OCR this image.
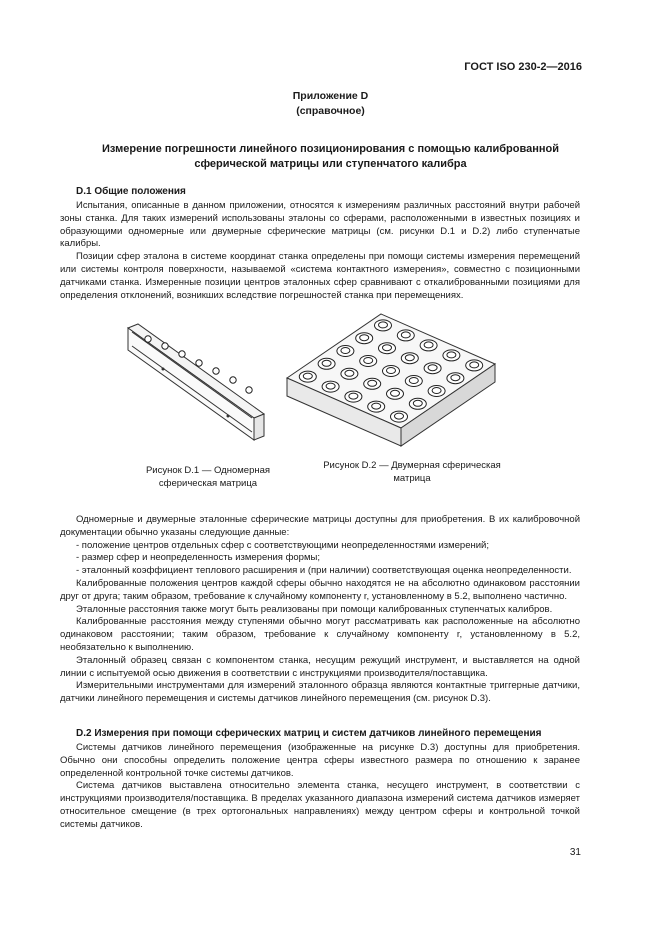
ГОСТ ISO 230-2—2016
Приложение D
(справочное)
Измерение погрешности линейного позиционирования с помощью калиброванной
сферической матрицы или ступенчатого калибра
D.1 Общие положения

Испытания, описанные в данном приложении, относятся к измерениям различных расстояний внутри рабочей зоны станка. Для таких измерений использованы эталоны со сферами, расположенными в известных позициях и образующими одномерные или двумерные сферические матрицы (см. рисунки D.1 и D.2) либо ступенчатые калибры.

Позиции сфер эталона в системе координат станка определены при помощи системы измерения перемещений или системы контроля поверхности, называемой «система контактного измерения», совместно с позиционными датчиками станка. Измеренные позиции центров эталонных сфер сравнивают с откалиброванными позициями для определения отклонений, возникших вследствие погрешностей станка при перемещениях.

Рисунок D.1 — Одномерная
сферическая матрица
Рисунок D.2 — Двумерная сферическая
матрица

Одномерные и двумерные эталонные сферические матрицы доступны для приобретения. В их калибровочной документации обычно указаны следующие данные:

- положение центров отдельных сфер с соответствующими неопределенностями измерений;

- размер сфер и неопределенность измерения формы;

- эталонный коэффициент теплового расширения и (при наличии) соответствующая оценка неопределенности.

Калиброванные положения центров каждой сферы обычно находятся не на абсолютно одинаковом расстоянии друг от друга; таким образом, требование к случайному компоненту r, установленному в 5.2, выполнено частично.

Эталонные расстояния также могут быть реализованы при помощи калиброванных ступенчатых калибров.

Калиброванные расстояния между ступенями обычно могут рассматривать как расположенные на абсолютно одинаковом расстоянии; таким образом, требование к случайному компоненту r, установленному в 5.2, необязательно к выполнению.

Эталонный образец связан с компонентом станка, несущим режущий инструмент, и выставляется на одной линии с испытуемой осью движения в соответствии с инструкциями производителя/поставщика.

Измерительными инструментами для измерений эталонного образца являются контактные триггерные датчики, датчики линейного перемещения и системы датчиков линейного перемещения (см. рисунок D.3).

D.2 Измерения при помощи сферических матриц и систем датчиков линейного перемещения

Системы датчиков линейного перемещения (изображенные на рисунке D.3) доступны для приобретения. Обычно они способны определить положение центра сферы известного размера по отношению к заранее определенной контрольной точке системы датчиков.

Система датчиков выставлена относительно элемента станка, несущего инструмент, в соответствии с инструкциями производителя/поставщика. В пределах указанного диапазона измерений система датчиков измеряет относительное смещение (в трех ортогональных направлениях) между центром сферы и контрольной точкой системы датчиков.

31
